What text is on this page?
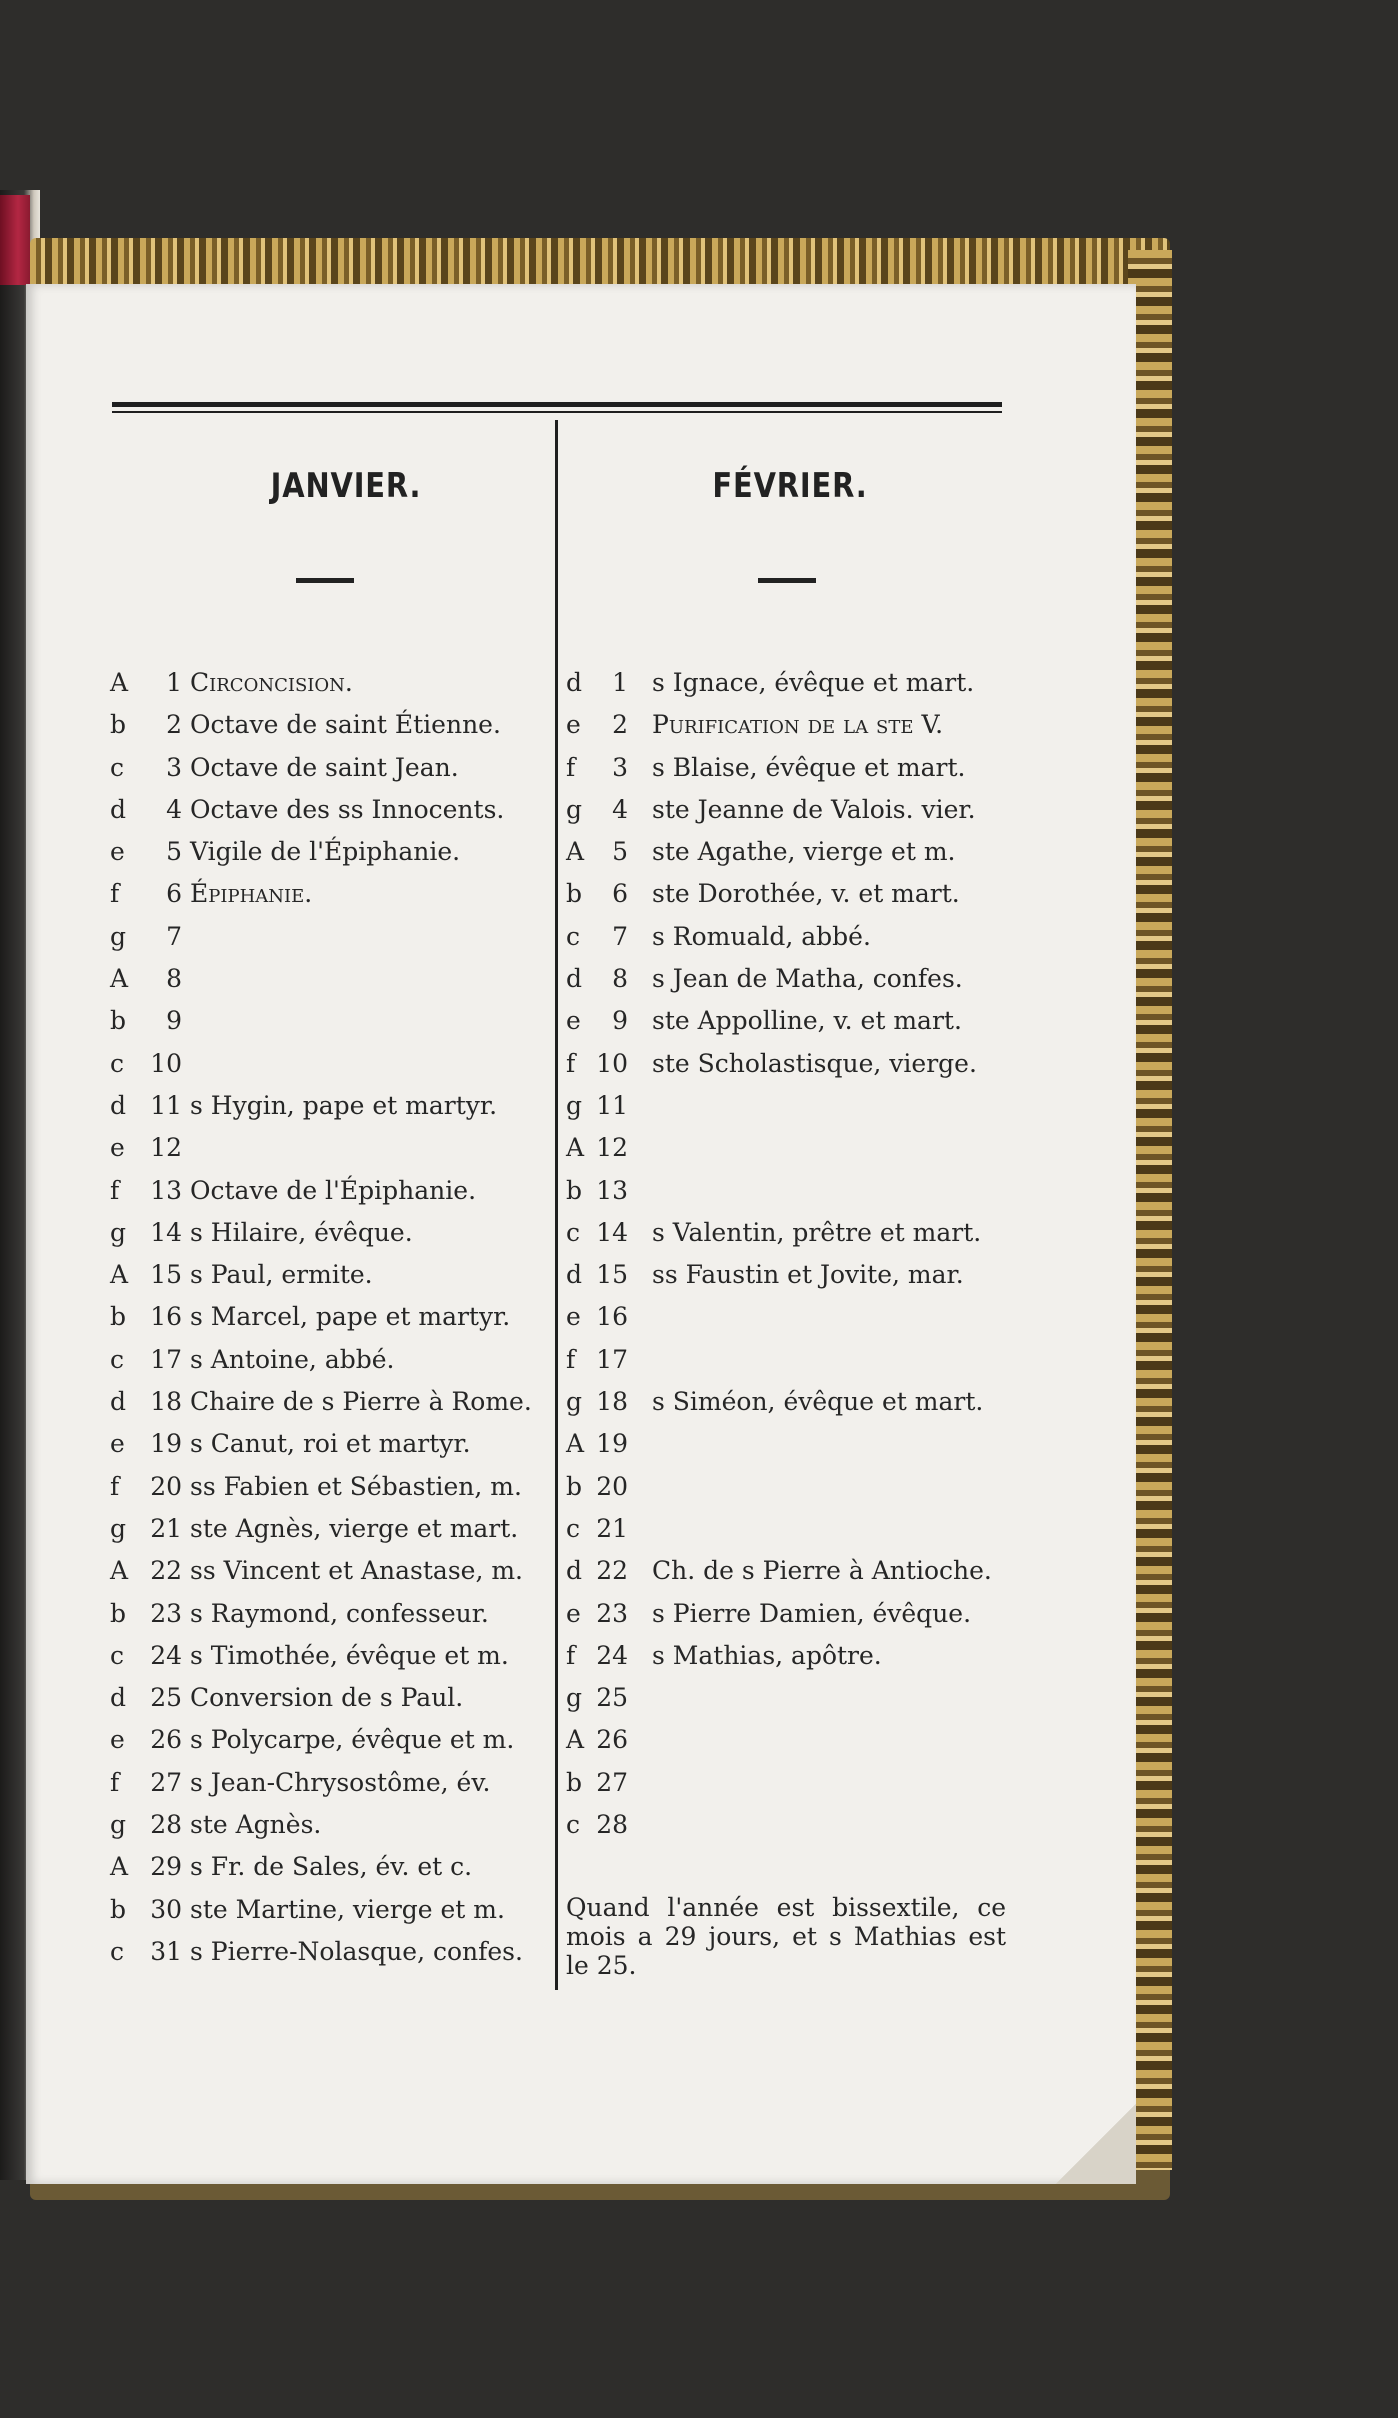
JANVIER.	FÉVRIER.
A	1 Circoncision.
b	2 Octave de saint Étienne.
c	3 Octave de saint Jean.
d	4 Octave des ss Innocents.
e	5 Vigile de l'Épiphanie.
f	6 Épiphanie.
g	7
A	8
b	9
c	10
d 11 s Hygin, pape et martyr.
e	12
f	13 Octave de l'Épiphanie.
g 14 s Hilaire, évêque.
A 15 s Paul, ermite.
b 16 s Marcel, pape et martyr.
c	17 s Antoine, abbé.
d 18 Chaire de s Pierre à Rome.
e	19 s Canut, roi et martyr.
f	20 ss Fabien et Sébastien, m.
g 21 ste Agnès, vierge et mart.
A 22 ss Vincent et Anastase, m.
b 23 s Raymond, confesseur.
c	24 s Timothée, évêque et m.
d 25 Conversion de s Paul.
e	26 s Polycarpe, évêque et m.
f	27 s Jean-Chrysostôme, év.
g 28 ste Agnès.
A 29 s Fr. de Sales, év. et c.
b 30 ste Martine, vierge et m.
c	31 s Pierre-Nolasque, confes.
d	1 s Ignace, évêque et mart.
e	2 Purification de la ste V.
f	3 s Blaise, évêque et mart.
g	4 ste Jeanne de Valois. vier.
A	5 ste Agathe, vierge et m.
b	6 ste Dorothée, v. et mart.
c	7 s Romuald, abbé.
d	8 s Jean de Matha, confes.
e	9 ste Appolline, v. et mart.
f 10 ste Scholastisque, vierge.
g 11
A 12
b 13
c 14 s Valentin, prêtre et mart.
d 15 ss Faustin et Jovite, mar.
e 16
f 17
g 18 s Siméon, évêque et mart.
A 19
b 20
c 21
d 22 Ch. de s Pierre à Antioche.
e 23 s Pierre Damien, évêque.
f 24 s Mathias, apôtre.
g 25
A 26
b 27
c 28
Quand l'année est bissextile, ce mois a 29 jours, et s Mathias est le 25.
